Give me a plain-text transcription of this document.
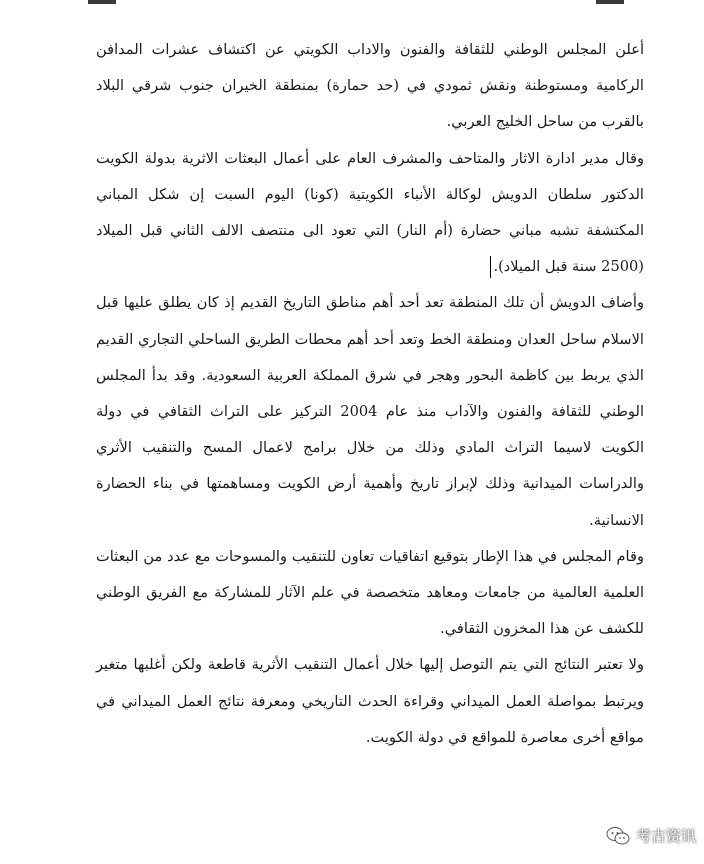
أعلن المجلس الوطني للثقافة والفنون والاداب الكويتي عن اكتشاف عشرات المدافن الركامية ومستوطنة ونقش ثمودي في (حد حمارة) بمنطقة الخيران جنوب شرقي البلاد بالقرب من ساحل الخليج العربي.

وقال مدير ادارة الاثار والمتاحف والمشرف العام على أعمال البعثات الاثرية بدولة الكويت الدكتور سلطان الدويش لوكالة الأنباء الكويتية (كونا) اليوم السبت إن شكل المباني المكتشفة تشبه مباني حضارة (أم النار) التي تعود الى منتصف الالف الثاني قبل الميلاد (2500 سنة قبل الميلاد).

وأضاف الدويش أن تلك المنطقة تعد أحد أهم مناطق التاريخ القديم إذ كان يطلق عليها قبل الاسلام ساحل العدان ومنطقة الخط وتعد أحد أهم محطات الطريق الساحلي التجاري القديم الذي يربط بين كاظمة البحور وهجر في شرق المملكة العربية السعودية. وقد بدأ المجلس الوطني للثقافة والفنون والآداب منذ عام 2004 التركيز على التراث الثقافي في دولة الكويت لاسيما التراث المادي وذلك من خلال برامج لاعمال المسح والتنقيب الأثري والدراسات الميدانية وذلك لإبراز تاريخ وأهمية أرض الكويت ومساهمتها في بناء الحضارة الانسانية.

وقام المجلس في هذا الإطار بتوقيع اتفاقيات تعاون للتنقيب والمسوحات مع عدد من البعثات العلمية العالمية من جامعات ومعاهد متخصصة في علم الآثار للمشاركة مع الفريق الوطني للكشف عن هذا المخزون الثقافي.

ولا تعتبر النتائج التي يتم التوصل إليها خلال أعمال التنقيب الأثرية قاطعة ولكن أغلبها متغير ويرتبط بمواصلة العمل الميداني وقراءة الحدث التاريخي ومعرفة نتائج العمل الميداني في مواقع أخرى معاصرة للمواقع في دولة الكويت.

考古资讯
